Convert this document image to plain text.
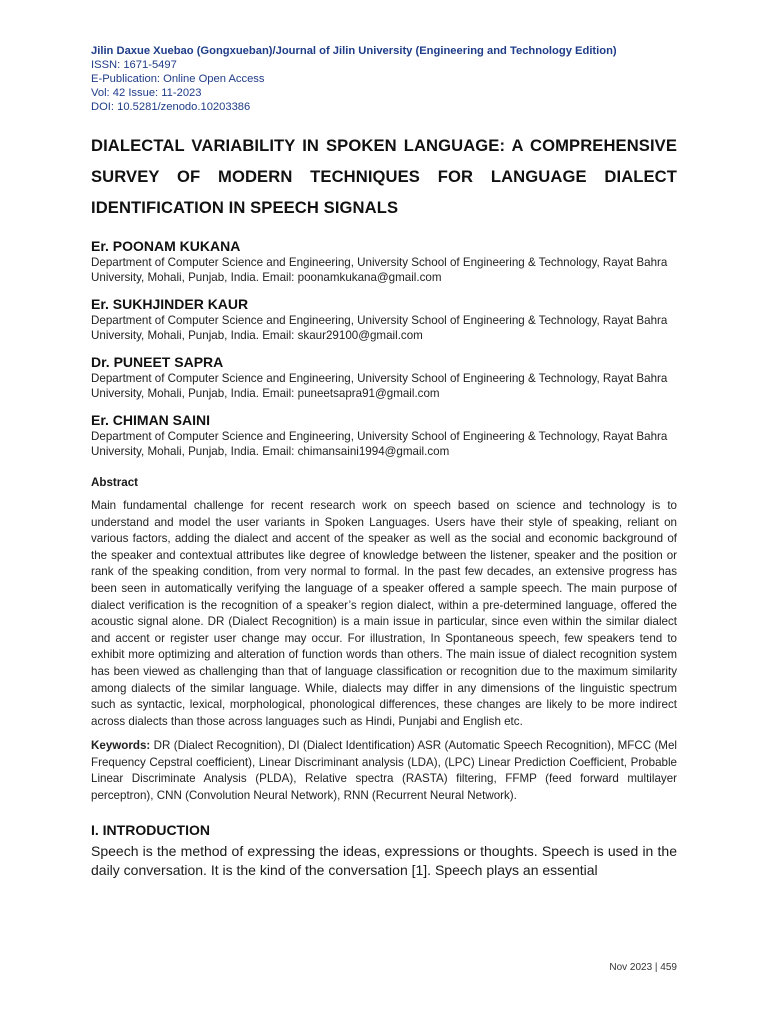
Jilin Daxue Xuebao (Gongxueban)/Journal of Jilin University (Engineering and Technology Edition)
ISSN: 1671-5497
E-Publication: Online Open Access
Vol: 42 Issue: 11-2023
DOI: 10.5281/zenodo.10203386
DIALECTAL VARIABILITY IN SPOKEN LANGUAGE: A COMPREHENSIVE SURVEY OF MODERN TECHNIQUES FOR LANGUAGE DIALECT IDENTIFICATION IN SPEECH SIGNALS
Er. POONAM KUKANA
Department of Computer Science and Engineering, University School of Engineering & Technology, Rayat Bahra University, Mohali, Punjab, India. Email: poonamkukana@gmail.com
Er. SUKHJINDER KAUR
Department of Computer Science and Engineering, University School of Engineering & Technology, Rayat Bahra University, Mohali, Punjab, India. Email: skaur29100@gmail.com
Dr. PUNEET SAPRA
Department of Computer Science and Engineering, University School of Engineering & Technology, Rayat Bahra University, Mohali, Punjab, India. Email: puneetsapra91@gmail.com
Er. CHIMAN SAINI
Department of Computer Science and Engineering, University School of Engineering & Technology, Rayat Bahra University, Mohali, Punjab, India. Email: chimansaini1994@gmail.com
Abstract
Main fundamental challenge for recent research work on speech based on science and technology is to understand and model the user variants in Spoken Languages. Users have their style of speaking, reliant on various factors, adding the dialect and accent of the speaker as well as the social and economic background of the speaker and contextual attributes like degree of knowledge between the listener, speaker and the position or rank of the speaking condition, from very normal to formal. In the past few decades, an extensive progress has been seen in automatically verifying the language of a speaker offered a sample speech. The main purpose of dialect verification is the recognition of a speaker’s region dialect, within a pre-determined language, offered the acoustic signal alone. DR (Dialect Recognition) is a main issue in particular, since even within the similar dialect and accent or register user change may occur. For illustration, In Spontaneous speech, few speakers tend to exhibit more optimizing and alteration of function words than others. The main issue of dialect recognition system has been viewed as challenging than that of language classification or recognition due to the maximum similarity among dialects of the similar language. While, dialects may differ in any dimensions of the linguistic spectrum such as syntactic, lexical, morphological, phonological differences, these changes are likely to be more indirect across dialects than those across languages such as Hindi, Punjabi and English etc.
Keywords: DR (Dialect Recognition), DI (Dialect Identification) ASR (Automatic Speech Recognition), MFCC (Mel Frequency Cepstral coefficient), Linear Discriminant analysis (LDA), (LPC) Linear Prediction Coefficient, Probable Linear Discriminate Analysis (PLDA), Relative spectra (RASTA) filtering, FFMP (feed forward multilayer perceptron), CNN (Convolution Neural Network), RNN (Recurrent Neural Network).
I. INTRODUCTION
Speech is the method of expressing the ideas, expressions or thoughts. Speech is used in the daily conversation. It is the kind of the conversation [1]. Speech plays an essential
Nov 2023 | 459
